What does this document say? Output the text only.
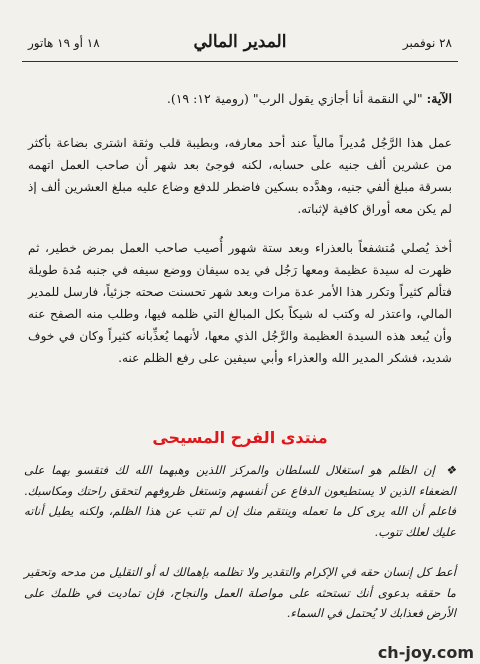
١٨ أو ١٩ هاتور	المدير المالي	٢٨ نوفمبر
الآية: "لي النقمة أنا أجازي يقول الرب" (رومية ١٢: ١٩).
عمل هذا الرَّجُل مُديراً مالياً عند أحد معارفه، وبطيبة قلب وثقة اشترى بضاعة بأكثر من عشرين ألف جنيه على حسابه، لكنه فوجئ بعد شهر أن صاحب العمل اتهمه بسرقة مبلغ ألفي جنيه، وهدَّده بسكين فاضطر للدفع وضاع عليه مبلغ العشرين ألف إذ لم يكن معه أوراق كافية لإثباته.
أخذ يُصلي مُتشفعاً بالعذراء وبعد ستة شهور أُصيب صاحب العمل بمرض خطير، ثم ظهرت له سيدة عظيمة ومعها رَجُل في يده سيفان ووضع سيفه في جنبه مُدة طويلة فتألم كثيراً وتكرر هذا الأمر عدة مرات وبعد شهر تحسنت صحته جزئياً، فارسل للمدير المالي، واعتذر له وكتب له شيكاً بكل المبالغ التي ظلمه فيها، وطلب منه الصفح عنه وأن يُبعد هذه السيدة العظيمة والرَّجُل الذي معها، لأنهما يُعذِّبانه كثيراً وكان في خوف شديد، فشكر المدير الله والعذراء وأبي سيفين على رفع الظلم عنه.
منتدى الفرح المسيحى
❖ إن الظلم هو استغلال للسلطان والمركز اللذين وهبهما الله لك فتقسو بهما على الضعفاء الذين لا يستطيعون الدفاع عن أنفسهم وتستغل ظروفهم لتحقق راحتك ومكاسبك. فاعلم أن الله يرى كل ما تعمله وينتقم منك إن لم تتب عن هذا الظلم، ولكنه يطيل أناته عليك لعلك تتوب.
أعط كل إنسان حقه في الإكرام والتقدير ولا تظلمه بإهمالك له أو التقليل من مدحه وتحقير ما حققه بدعوى أنك تستحثه على مواصلة العمل والنجاح، فإن تماديت في ظلمك على الأرض فعذابك لا يُحتمل في السماء.
ch-joy.com
